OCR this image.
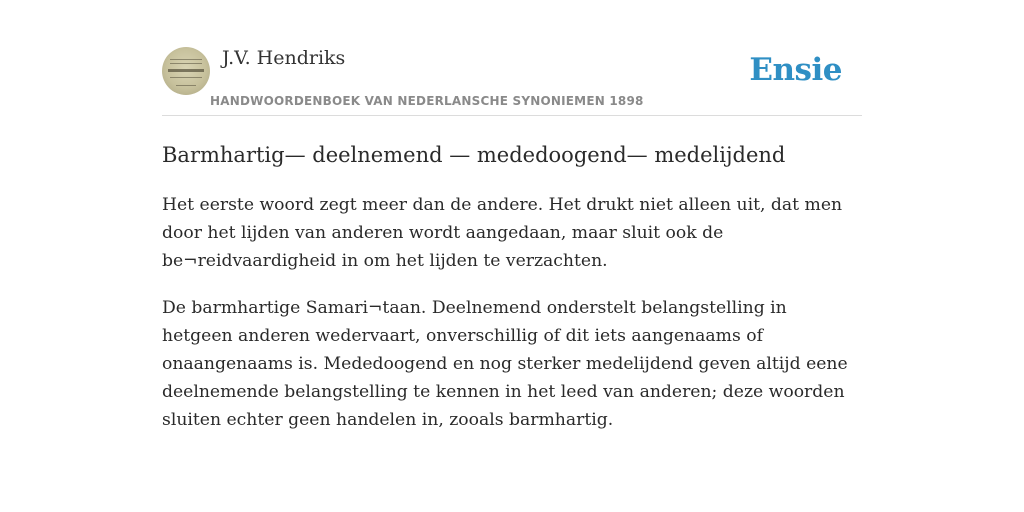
J.V. Hendriks
HANDWOORDENBOEK VAN NEDERLANSCHE SYNONIEMEN 1898
Ensie
Barmhartig— deelnemend — mededoogend— medelijdend

Het eerste woord zegt meer dan de andere. Het drukt niet alleen uit, dat men door het lijden van anderen wordt aangedaan, maar sluit ook de be¬reidvaardigheid in om het lijden te verzachten.

De barmhartige Samari¬taan. Deelnemend onderstelt belangstelling in hetgeen anderen wedervaart, onverschillig of dit iets aangenaams of onaangenaams is. Mededoogend en nog sterker medelijdend geven altijd eene deelnemende belangstelling te kennen in het leed van anderen; deze woorden sluiten echter geen handelen in, zooals barmhartig.
